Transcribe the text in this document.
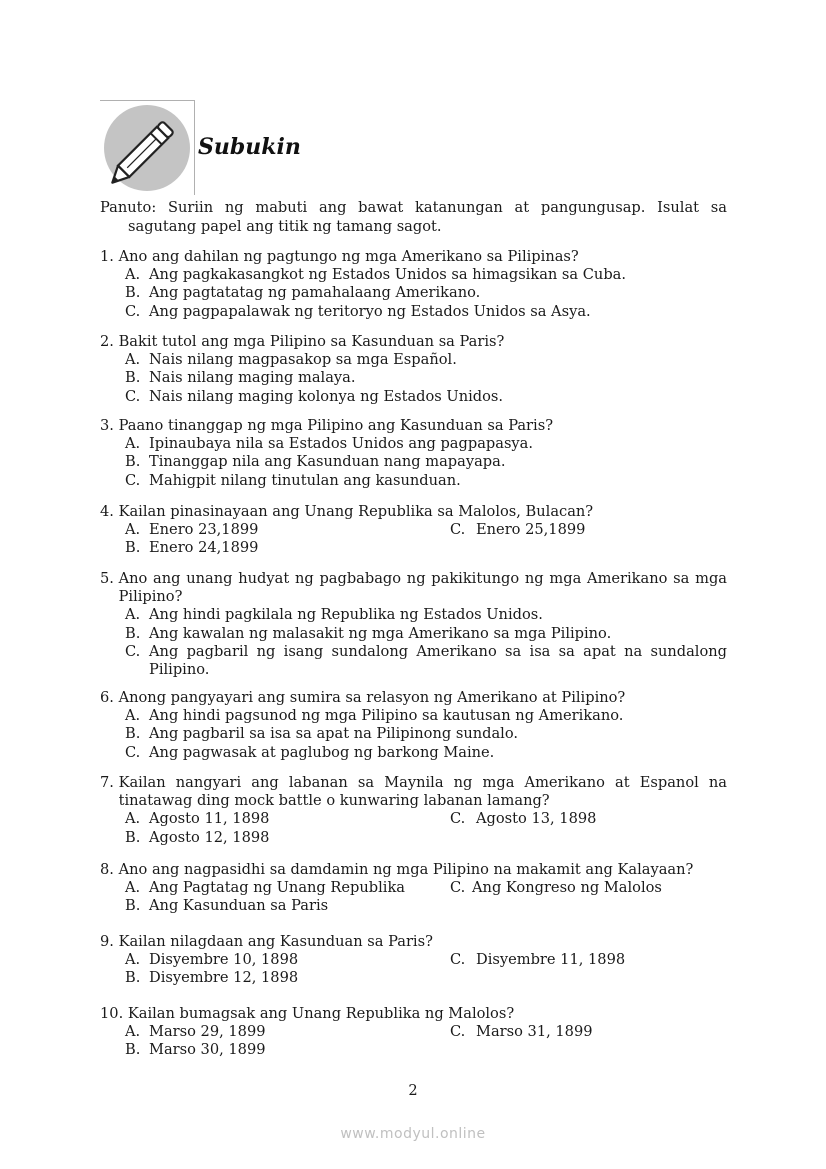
Subukin
Panuto: Suriin ng mabuti ang bawat katanungan at pangungusap. Isulat sa
sagutang papel ang titik ng tamang sagot.
1. Ano ang dahilan ng pagtungo ng mga Amerikano sa Pilipinas?
A. Ang pagkakasangkot ng Estados Unidos sa himagsikan sa Cuba.
B. Ang pagtatatag ng pamahalaang Amerikano.
C. Ang pagpapalawak ng teritoryo ng Estados Unidos sa Asya.
2. Bakit tutol ang mga Pilipino sa Kasunduan sa Paris?
A. Nais nilang magpasakop sa mga Español.
B. Nais nilang maging malaya.
C. Nais nilang maging kolonya ng Estados Unidos.
3. Paano tinanggap ng mga Pilipino ang Kasunduan sa Paris?
A. Ipinaubaya nila sa Estados Unidos ang pagpapasya.
B. Tinanggap nila ang Kasunduan nang mapayapa.
C. Mahigpit nilang tinutulan ang kasunduan.
4. Kailan pinasinayaan ang Unang Republika sa Malolos, Bulacan?
A. Enero 23,1899	C. Enero 25,1899
B. Enero 24,1899
5. Ano ang unang hudyat ng pagbabago ng pakikitungo ng mga Amerikano sa mga Pilipino?
A. Ang hindi pagkilala ng Republika ng Estados Unidos.
B. Ang kawalan ng malasakit ng mga Amerikano sa mga Pilipino.
C. Ang pagbaril ng isang sundalong Amerikano sa isa sa apat na sundalong Pilipino.
6. Anong pangyayari ang sumira sa relasyon ng Amerikano at Pilipino?
A. Ang hindi pagsunod ng mga Pilipino sa kautusan ng Amerikano.
B. Ang pagbaril sa isa sa apat na Pilipinong sundalo.
C. Ang pagwasak at paglubog ng barkong Maine.
7. Kailan nangyari ang labanan sa Maynila ng mga Amerikano at Espanol na tinatawag ding mock battle o kunwaring labanan lamang?
A. Agosto 11, 1898	C. Agosto 13, 1898
B. Agosto 12, 1898
8. Ano ang nagpasidhi sa damdamin ng mga Pilipino na makamit ang Kalayaan?
A. Ang Pagtatag ng Unang Republika	C. Ang Kongreso ng Malolos
B. Ang Kasunduan sa Paris
9. Kailan nilagdaan ang Kasunduan sa Paris?
A. Disyembre 10, 1898	C. Disyembre 11, 1898
B. Disyembre 12, 1898
10. Kailan bumagsak ang Unang Republika ng Malolos?
A. Marso 29, 1899	C. Marso 31, 1899
B. Marso 30, 1899
2
www.modyul.online
